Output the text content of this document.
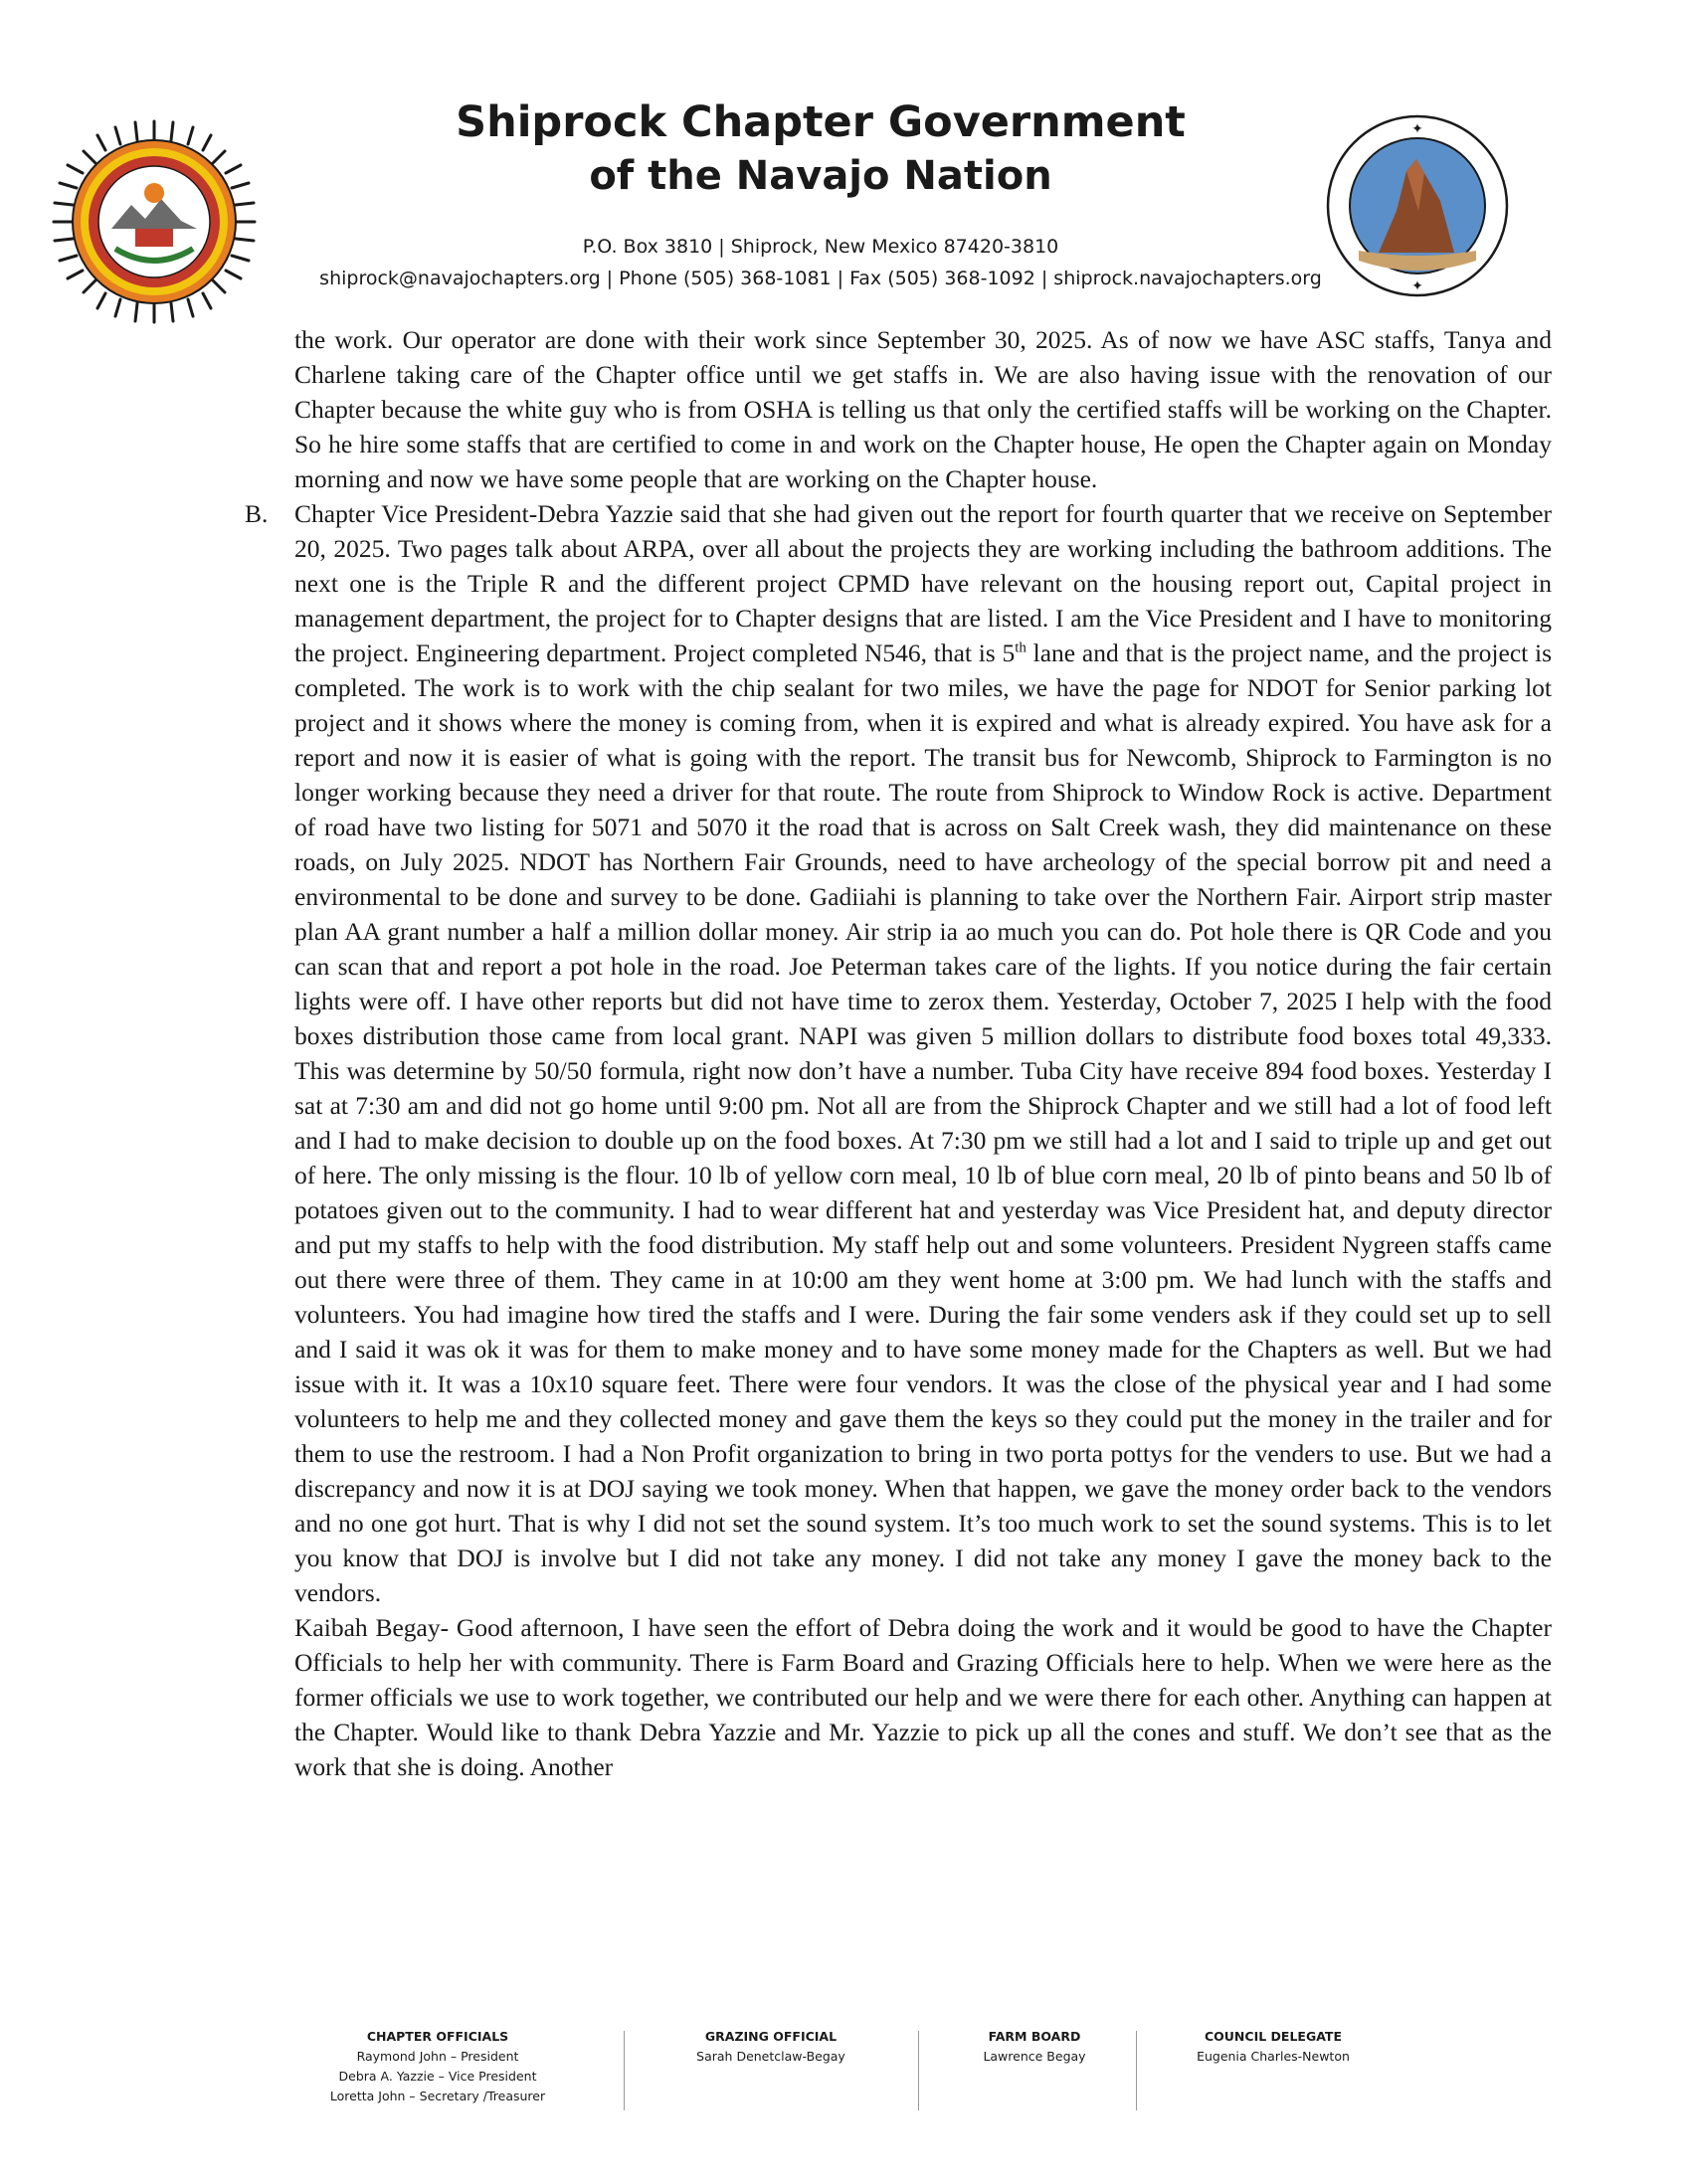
✦
✦
Shiprock Chapter Government
of the Navajo Nation
P.O. Box 3810 | Shiprock, New Mexico 87420-3810
shiprock@navajochapters.org | Phone (505) 368-1081 | Fax (505) 368-1092 | shiprock.navajochapters.org

the work. Our operator are done with their work since September 30, 2025. As of now we have ASC staffs, Tanya and Charlene taking care of the Chapter office until we get staffs in. We are also having issue with the renovation of our Chapter because the white guy who is from OSHA is telling us that only the certified staffs will be working on the Chapter. So he hire some staffs that are certified to come in and work on the Chapter house, He open the Chapter again on Monday morning and now we have some people that are working on the Chapter house.

B. Chapter Vice President-Debra Yazzie said that she had given out the report for fourth quarter that we receive on September 20, 2025. Two pages talk about ARPA, over all about the projects they are working including the bathroom additions. The next one is the Triple R and the different project CPMD have relevant on the housing report out, Capital project in management department, the project for to Chapter designs that are listed. I am the Vice President and I have to monitoring the project. Engineering department. Project completed N546, that is 5th lane and that is the project name, and the project is completed. The work is to work with the chip sealant for two miles, we have the page for NDOT for Senior parking lot project and it shows where the money is coming from, when it is expired and what is already expired. You have ask for a report and now it is easier of what is going with the report. The transit bus for Newcomb, Shiprock to Farmington is no longer working because they need a driver for that route. The route from Shiprock to Window Rock is active. Department of road have two listing for 5071 and 5070 it the road that is across on Salt Creek wash, they did maintenance on these roads, on July 2025. NDOT has Northern Fair Grounds, need to have archeology of the special borrow pit and need a environmental to be done and survey to be done. Gadiiahi is planning to take over the Northern Fair. Airport strip master plan AA grant number a half a million dollar money. Air strip ia ao much you can do. Pot hole there is QR Code and you can scan that and report a pot hole in the road. Joe Peterman takes care of the lights. If you notice during the fair certain lights were off. I have other reports but did not have time to zerox them. Yesterday, October 7, 2025 I help with the food boxes distribution those came from local grant. NAPI was given 5 million dollars to distribute food boxes total 49,333. This was determine by 50/50 formula, right now don’t have a number. Tuba City have receive 894 food boxes. Yesterday I sat at 7:30 am and did not go home until 9:00 pm. Not all are from the Shiprock Chapter and we still had a lot of food left and I had to make decision to double up on the food boxes. At 7:30 pm we still had a lot and I said to triple up and get out of here. The only missing is the flour. 10 lb of yellow corn meal, 10 lb of blue corn meal, 20 lb of pinto beans and 50 lb of potatoes given out to the community. I had to wear different hat and yesterday was Vice President hat, and deputy director and put my staffs to help with the food distribution. My staff help out and some volunteers. President Nygreen staffs came out there were three of them. They came in at 10:00 am they went home at 3:00 pm. We had lunch with the staffs and volunteers. You had imagine how tired the staffs and I were. During the fair some venders ask if they could set up to sell and I said it was ok it was for them to make money and to have some money made for the Chapters as well. But we had issue with it. It was a 10x10 square feet. There were four vendors. It was the close of the physical year and I had some volunteers to help me and they collected money and gave them the keys so they could put the money in the trailer and for them to use the restroom. I had a Non Profit organization to bring in two porta pottys for the venders to use. But we had a discrepancy and now it is at DOJ saying we took money. When that happen, we gave the money order back to the vendors and no one got hurt. That is why I did not set the sound system. It’s too much work to set the sound systems. This is to let you know that DOJ is involve but I did not take any money. I did not take any money I gave the money back to the vendors.

Kaibah Begay- Good afternoon, I have seen the effort of Debra doing the work and it would be good to have the Chapter Officials to help her with community. There is Farm Board and Grazing Officials here to help. When we were here as the former officials we use to work together, we contributed our help and we were there for each other. Anything can happen at the Chapter. Would like to thank Debra Yazzie and Mr. Yazzie to pick up all the cones and stuff. We don’t see that as the work that she is doing. Another

CHAPTER OFFICIALS
Raymond John – President
Debra A. Yazzie – Vice President
Loretta John – Secretary /Treasurer
GRAZING OFFICIAL
Sarah Denetclaw-Begay
FARM BOARD
Lawrence Begay
COUNCIL DELEGATE
Eugenia Charles-Newton
